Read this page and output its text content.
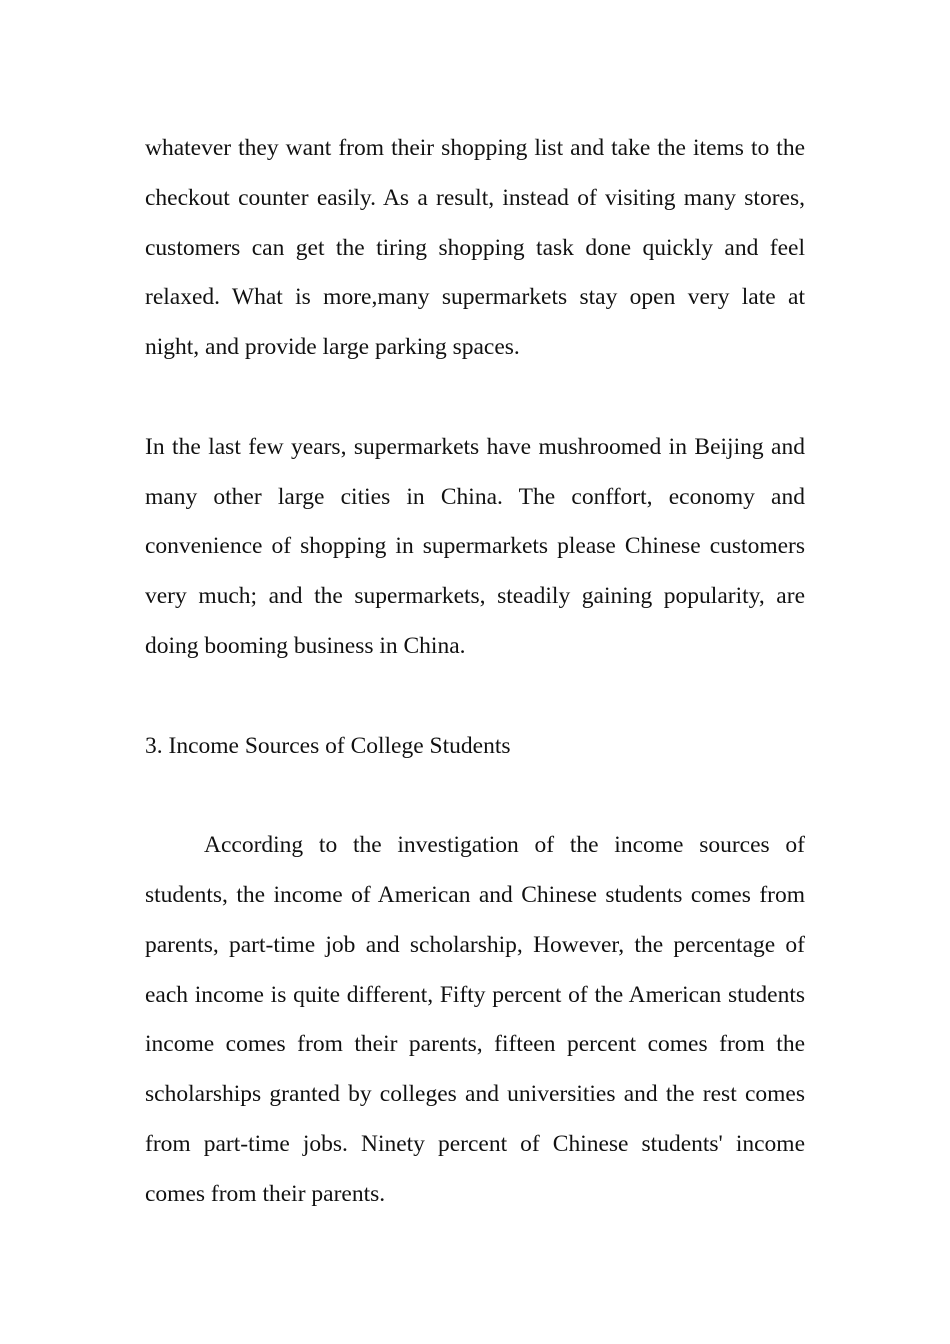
whatever they want from their shopping list and take the items to the checkout counter easily. As a result, instead of visiting many stores, customers can get the tiring shopping task done quickly and feel relaxed. What is more,many supermarkets stay open very late at night, and provide large parking spaces.

In the last few years, supermarkets have mushroomed in Beijing and many other large cities in China. The conffort, economy and convenience of shopping in supermarkets please Chinese customers very much; and the supermarkets, steadily gaining popularity, are doing booming business in China.

3. Income Sources of College Students

According to the investigation of the income sources of students, the income of American and Chinese students comes from parents, part-time job and scholarship, However, the percentage of each income is quite different, Fifty percent of the American students income comes from their parents, fifteen percent comes from the scholarships granted by colleges and universities and the rest comes from part-time jobs. Ninety percent of Chinese students' income comes from their parents.
